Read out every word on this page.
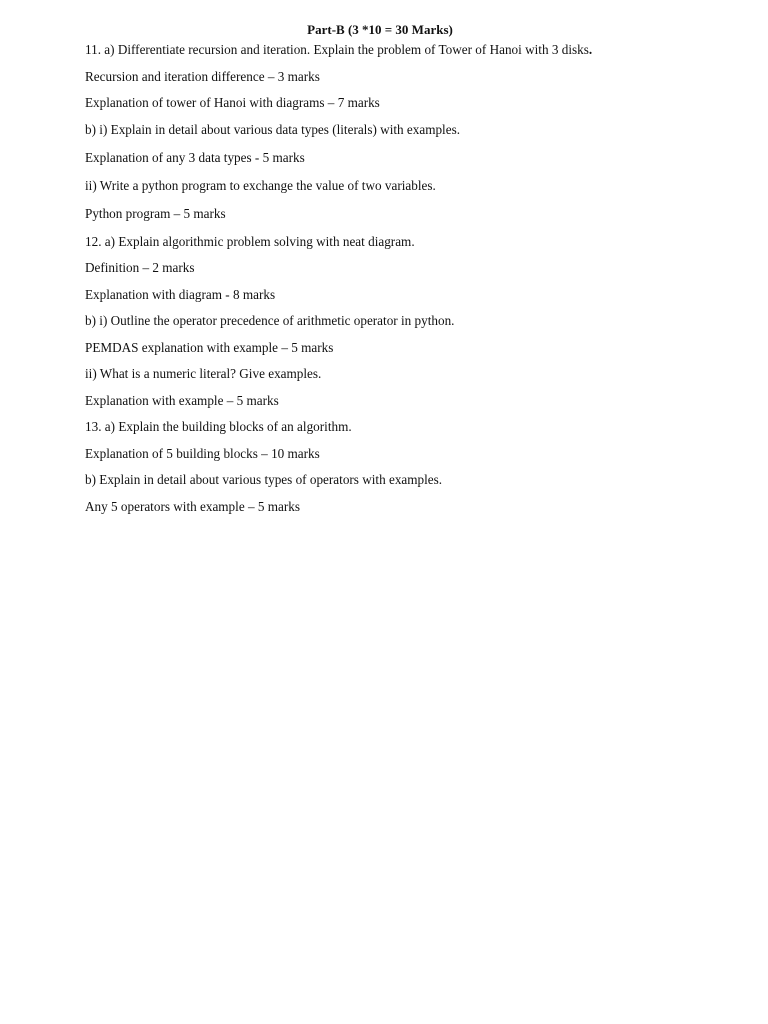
Part-B (3 *10 = 30 Marks)
11. a) Differentiate recursion and iteration. Explain the problem of Tower of Hanoi with 3 disks.
Recursion and iteration difference – 3 marks
Explanation of tower of Hanoi with diagrams – 7 marks
b) i) Explain in detail about various data types (literals) with examples.
Explanation of any 3 data types - 5 marks
ii) Write a python program to exchange the value of two variables.
Python program – 5 marks
12. a) Explain algorithmic problem solving with neat diagram.
Definition – 2 marks
Explanation with diagram - 8 marks
b) i) Outline the operator precedence of arithmetic operator in python.
PEMDAS explanation with example – 5 marks
ii) What is a numeric literal? Give examples.
Explanation with example – 5 marks
13. a) Explain the building blocks of an algorithm.
Explanation of 5 building blocks – 10 marks
b) Explain in detail about various types of operators with examples.
Any 5 operators with example – 5 marks
